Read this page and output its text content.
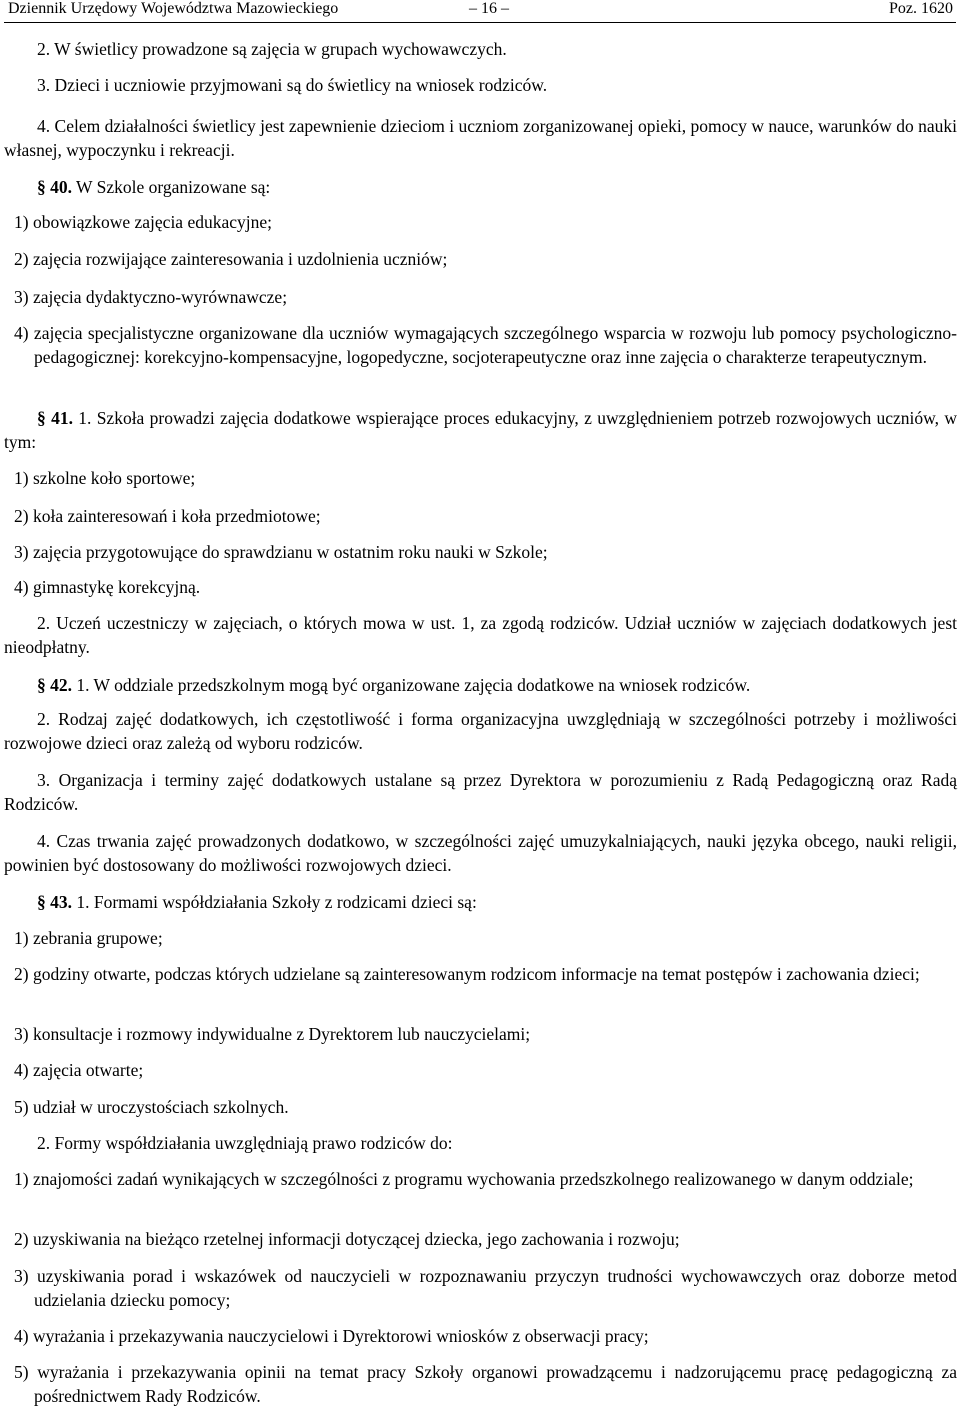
Dziennik Urzędowy Województwa Mazowieckiego	– 16 –	Poz. 1620

2. W świetlicy prowadzone są zajęcia w grupach wychowawczych.

3. Dzieci i uczniowie przyjmowani są do świetlicy na wniosek rodziców.

4. Celem działalności świetlicy jest zapewnienie dzieciom i uczniom zorganizowanej opieki, pomocy w nauce, warunków do nauki własnej, wypoczynku i rekreacji.

§ 40. W Szkole organizowane są:

1) obowiązkowe zajęcia edukacyjne;

2) zajęcia rozwijające zainteresowania i uzdolnienia uczniów;

3) zajęcia dydaktyczno-wyrównawcze;

4) zajęcia specjalistyczne organizowane dla uczniów wymagających szczególnego wsparcia w rozwoju lub pomocy psychologiczno-pedagogicznej: korekcyjno-kompensacyjne, logopedyczne, socjoterapeutyczne oraz inne zajęcia o charakterze terapeutycznym.

§ 41. 1. Szkoła prowadzi zajęcia dodatkowe wspierające proces edukacyjny, z uwzględnieniem potrzeb rozwojowych uczniów, w tym:

1) szkolne koło sportowe;

2) koła zainteresowań i koła przedmiotowe;

3) zajęcia przygotowujące do sprawdzianu w ostatnim roku nauki w Szkole;

4) gimnastykę korekcyjną.

2. Uczeń uczestniczy w zajęciach, o których mowa w ust. 1, za zgodą rodziców. Udział uczniów w zajęciach dodatkowych jest nieodpłatny.

§ 42. 1. W oddziale przedszkolnym mogą być organizowane zajęcia dodatkowe na wniosek rodziców.

2. Rodzaj zajęć dodatkowych, ich częstotliwość i forma organizacyjna uwzględniają w szczególności potrzeby i możliwości rozwojowe dzieci oraz zależą od wyboru rodziców.

3. Organizacja i terminy zajęć dodatkowych ustalane są przez Dyrektora w porozumieniu z Radą Pedagogiczną oraz Radą Rodziców.

4. Czas trwania zajęć prowadzonych dodatkowo, w szczególności zajęć umuzykalniających, nauki języka obcego, nauki religii, powinien być dostosowany do możliwości rozwojowych dzieci.

§ 43. 1. Formami współdziałania Szkoły z rodzicami dzieci są:

1) zebrania grupowe;

2) godziny otwarte, podczas których udzielane są zainteresowanym rodzicom informacje na temat postępów i zachowania dzieci;

3) konsultacje i rozmowy indywidualne z Dyrektorem lub nauczycielami;

4) zajęcia otwarte;

5) udział w uroczystościach szkolnych.

2. Formy współdziałania uwzględniają prawo rodziców do:

1) znajomości zadań wynikających w szczególności z programu wychowania przedszkolnego realizowanego w danym oddziale;

2) uzyskiwania na bieżąco rzetelnej informacji dotyczącej dziecka, jego zachowania i rozwoju;

3) uzyskiwania porad i wskazówek od nauczycieli w rozpoznawaniu przyczyn trudności wychowawczych oraz doborze metod udzielania dziecku pomocy;

4) wyrażania i przekazywania nauczycielowi i Dyrektorowi wniosków z obserwacji pracy;

5) wyrażania i przekazywania opinii na temat pracy Szkoły organowi prowadzącemu i nadzorującemu pracę pedagogiczną za pośrednictwem Rady Rodziców.
